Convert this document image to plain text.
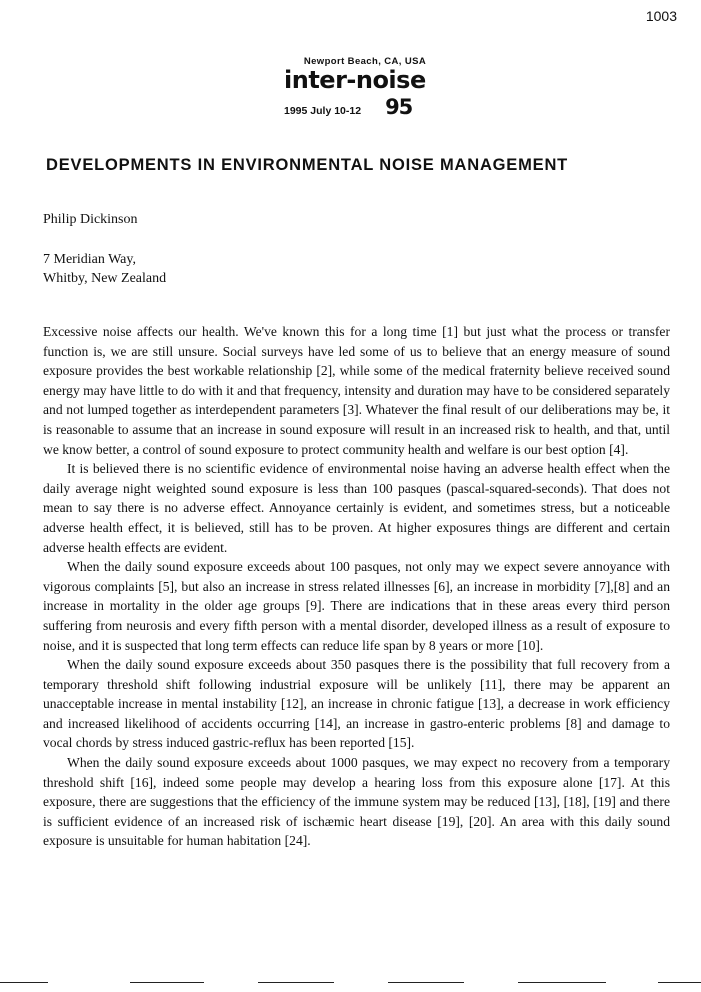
1003
Newport Beach, CA, USA
inter-noise
1995 July 10-12 95
DEVELOPMENTS IN ENVIRONMENTAL NOISE MANAGEMENT
Philip Dickinson
7 Meridian Way,
Whitby, New Zealand

Excessive noise affects our health. We've known this for a long time [1] but just what the process or transfer function is, we are still unsure. Social surveys have led some of us to believe that an energy measure of sound exposure provides the best workable relationship [2], while some of the medical fraternity believe received sound energy may have little to do with it and that frequency, intensity and duration may have to be considered separately and not lumped together as interdependent parameters [3]. Whatever the final result of our deliberations may be, it is reasonable to assume that an increase in sound exposure will result in an increased risk to health, and that, until we know better, a control of sound exposure to protect community health and welfare is our best option [4].

It is believed there is no scientific evidence of environmental noise having an adverse health effect when the daily average night weighted sound exposure is less than 100 pasques (pascal-squared-seconds). That does not mean to say there is no adverse effect. Annoyance certainly is evident, and sometimes stress, but a noticeable adverse health effect, it is believed, still has to be proven. At higher exposures things are different and certain adverse health effects are evident.

When the daily sound exposure exceeds about 100 pasques, not only may we expect severe annoyance with vigorous complaints [5], but also an increase in stress related illnesses [6], an increase in morbidity [7],[8] and an increase in mortality in the older age groups [9]. There are indications that in these areas every third person suffering from neurosis and every fifth person with a mental disorder, developed illness as a result of exposure to noise, and it is suspected that long term effects can reduce life span by 8 years or more [10].

When the daily sound exposure exceeds about 350 pasques there is the possibility that full recovery from a temporary threshold shift following industrial exposure will be unlikely [11], there may be apparent an unacceptable increase in mental instability [12], an increase in chronic fatigue [13], a decrease in work efficiency and increased likelihood of accidents occurring [14], an increase in gastro-enteric problems [8] and damage to vocal chords by stress induced gastric-reflux has been reported [15].

When the daily sound exposure exceeds about 1000 pasques, we may expect no recovery from a temporary threshold shift [16], indeed some people may develop a hearing loss from this exposure alone [17]. At this exposure, there are suggestions that the efficiency of the immune system may be reduced [13], [18], [19] and there is sufficient evidence of an increased risk of ischæmic heart disease [19], [20]. An area with this daily sound exposure is unsuitable for human habitation [24].
